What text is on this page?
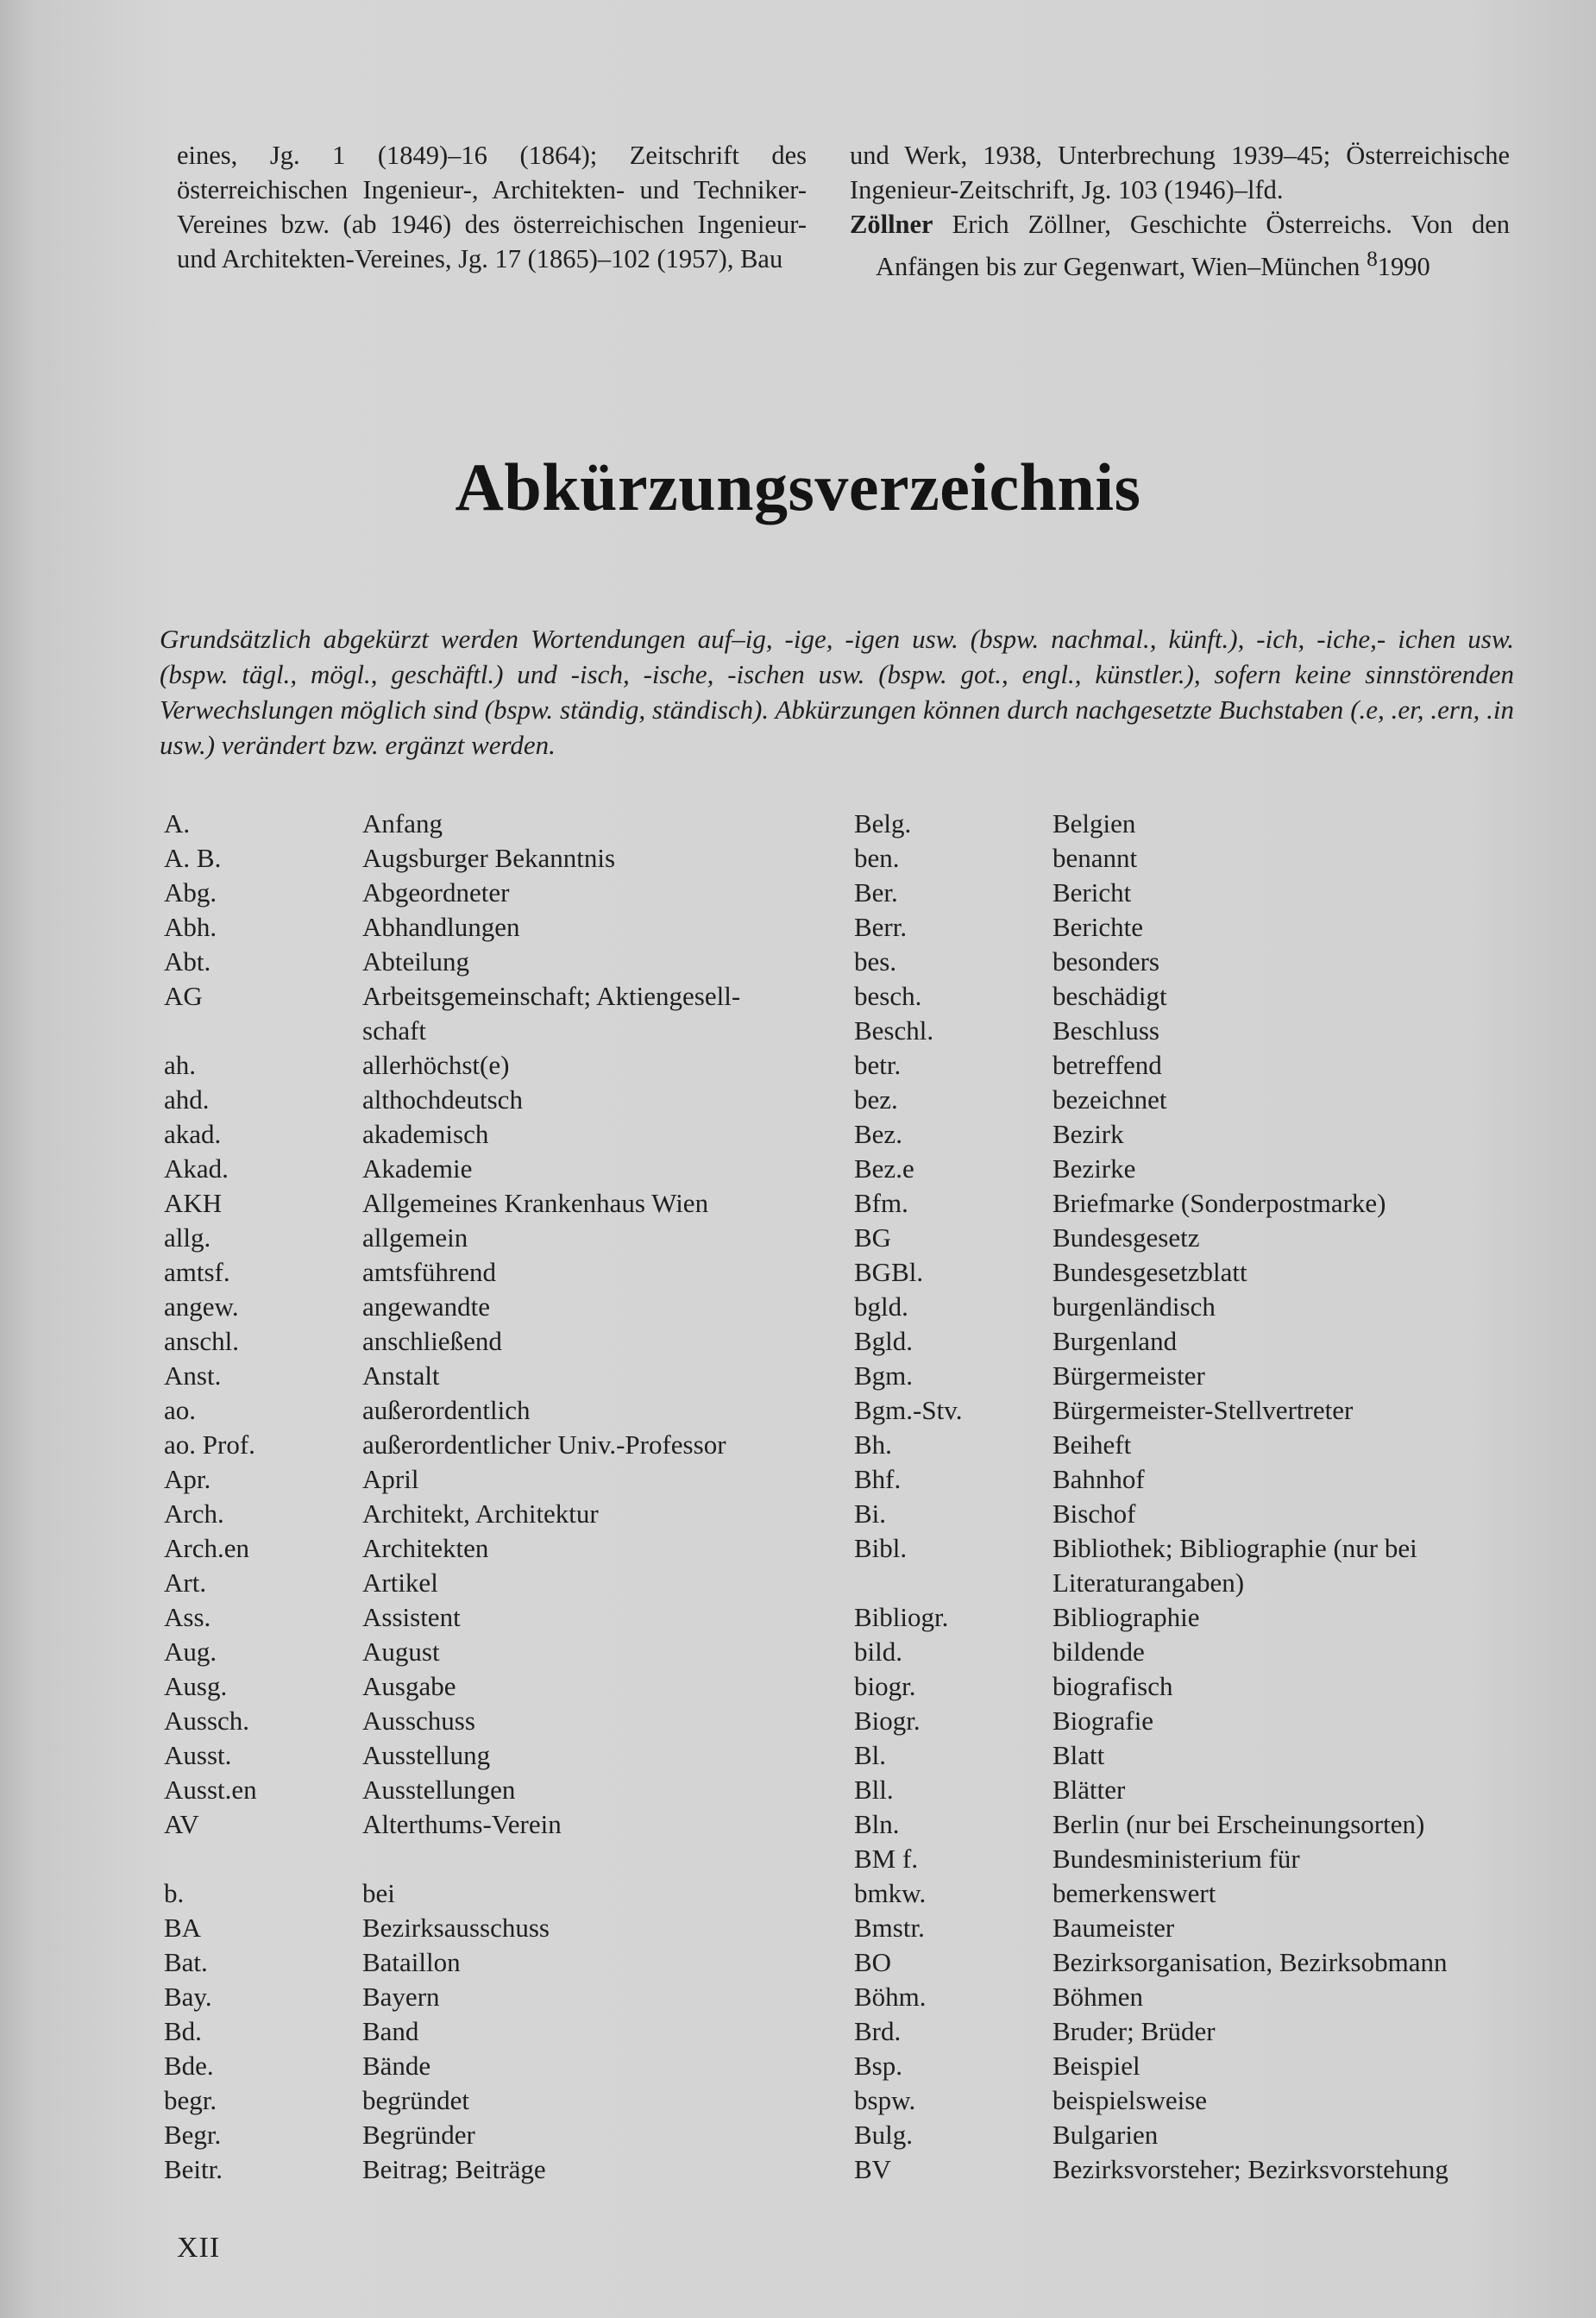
eines, Jg. 1 (1849)–16 (1864); Zeitschrift des österreichischen Ingenieur-, Architekten- und Techniker-Vereines bzw. (ab 1946) des österreichischen Ingenieur- und Architekten-Vereines, Jg. 17 (1865)–102 (1957), Bau
und Werk, 1938, Unterbrechung 1939–45; Österreichische Ingenieur-Zeitschrift, Jg. 103 (1946)–lfd.
Zöllner Erich Zöllner, Geschichte Österreichs. Von den Anfängen bis zur Gegenwart, Wien–München $^8$1990
Abkürzungsverzeichnis
Grundsätzlich abgekürzt werden Wortendungen auf–ig, -ige, -igen usw. (bspw. nachmal., künft.), -ich, -iche,- ichen usw. (bspw. tägl., mögl., geschäftl.) und -isch, -ische, -ischen usw. (bspw. got., engl., künstler.), sofern keine sinnstörenden Verwechslungen möglich sind (bspw. ständig, ständisch). Abkürzungen können durch nachgesetzte Buchstaben (.e, .er, .ern, .in usw.) verändert bzw. ergänzt werden.
A.	Anfang
A. B.	Augsburger Bekanntnis
Abg.	Abgeordneter
Abh.	Abhandlungen
Abt.	Abteilung
AG	Arbeitsgemeinschaft; Aktiengesell-
schaft
ah.	allerhöchst(e)
ahd.	althochdeutsch
akad.	akademisch
Akad.	Akademie
AKH	Allgemeines Krankenhaus Wien
allg.	allgemein
amtsf.	amtsführend
angew.	angewandte
anschl.	anschließend
Anst.	Anstalt
ao.	außerordentlich
ao. Prof.	außerordentlicher Univ.-Professor
Apr.	April
Arch.	Architekt, Architektur
Arch.en	Architekten
Art.	Artikel
Ass.	Assistent
Aug.	August
Ausg.	Ausgabe
Aussch.	Ausschuss
Ausst.	Ausstellung
Ausst.en	Ausstellungen
AV	Alterthums-Verein
b.	bei
BA	Bezirksausschuss
Bat.	Bataillon
Bay.	Bayern
Bd.	Band
Bde.	Bände
begr.	begründet
Begr.	Begründer
Beitr.	Beitrag; Beiträge
Belg.	Belgien
ben.	benannt
Ber.	Bericht
Berr.	Berichte
bes.	besonders
besch.	beschädigt
Beschl.	Beschluss
betr.	betreffend
bez.	bezeichnet
Bez.	Bezirk
Bez.e	Bezirke
Bfm.	Briefmarke (Sonderpostmarke)
BG	Bundesgesetz
BGBl.	Bundesgesetzblatt
bgld.	burgenländisch
Bgld.	Burgenland
Bgm.	Bürgermeister
Bgm.-Stv.	Bürgermeister-Stellvertreter
Bh.	Beiheft
Bhf.	Bahnhof
Bi.	Bischof
Bibl.	Bibliothek; Bibliographie (nur bei
Literaturangaben)
Bibliogr.	Bibliographie
bild.	bildende
biogr.	biografisch
Biogr.	Biografie
Bl.	Blatt
Bll.	Blätter
Bln.	Berlin (nur bei Erscheinungsorten)
BM f.	Bundesministerium für
bmkw.	bemerkenswert
Bmstr.	Baumeister
BO	Bezirksorganisation, Bezirksobmann
Böhm.	Böhmen
Brd.	Bruder; Brüder
Bsp.	Beispiel
bspw.	beispielsweise
Bulg.	Bulgarien
BV	Bezirksvorsteher; Bezirksvorstehung
XII
